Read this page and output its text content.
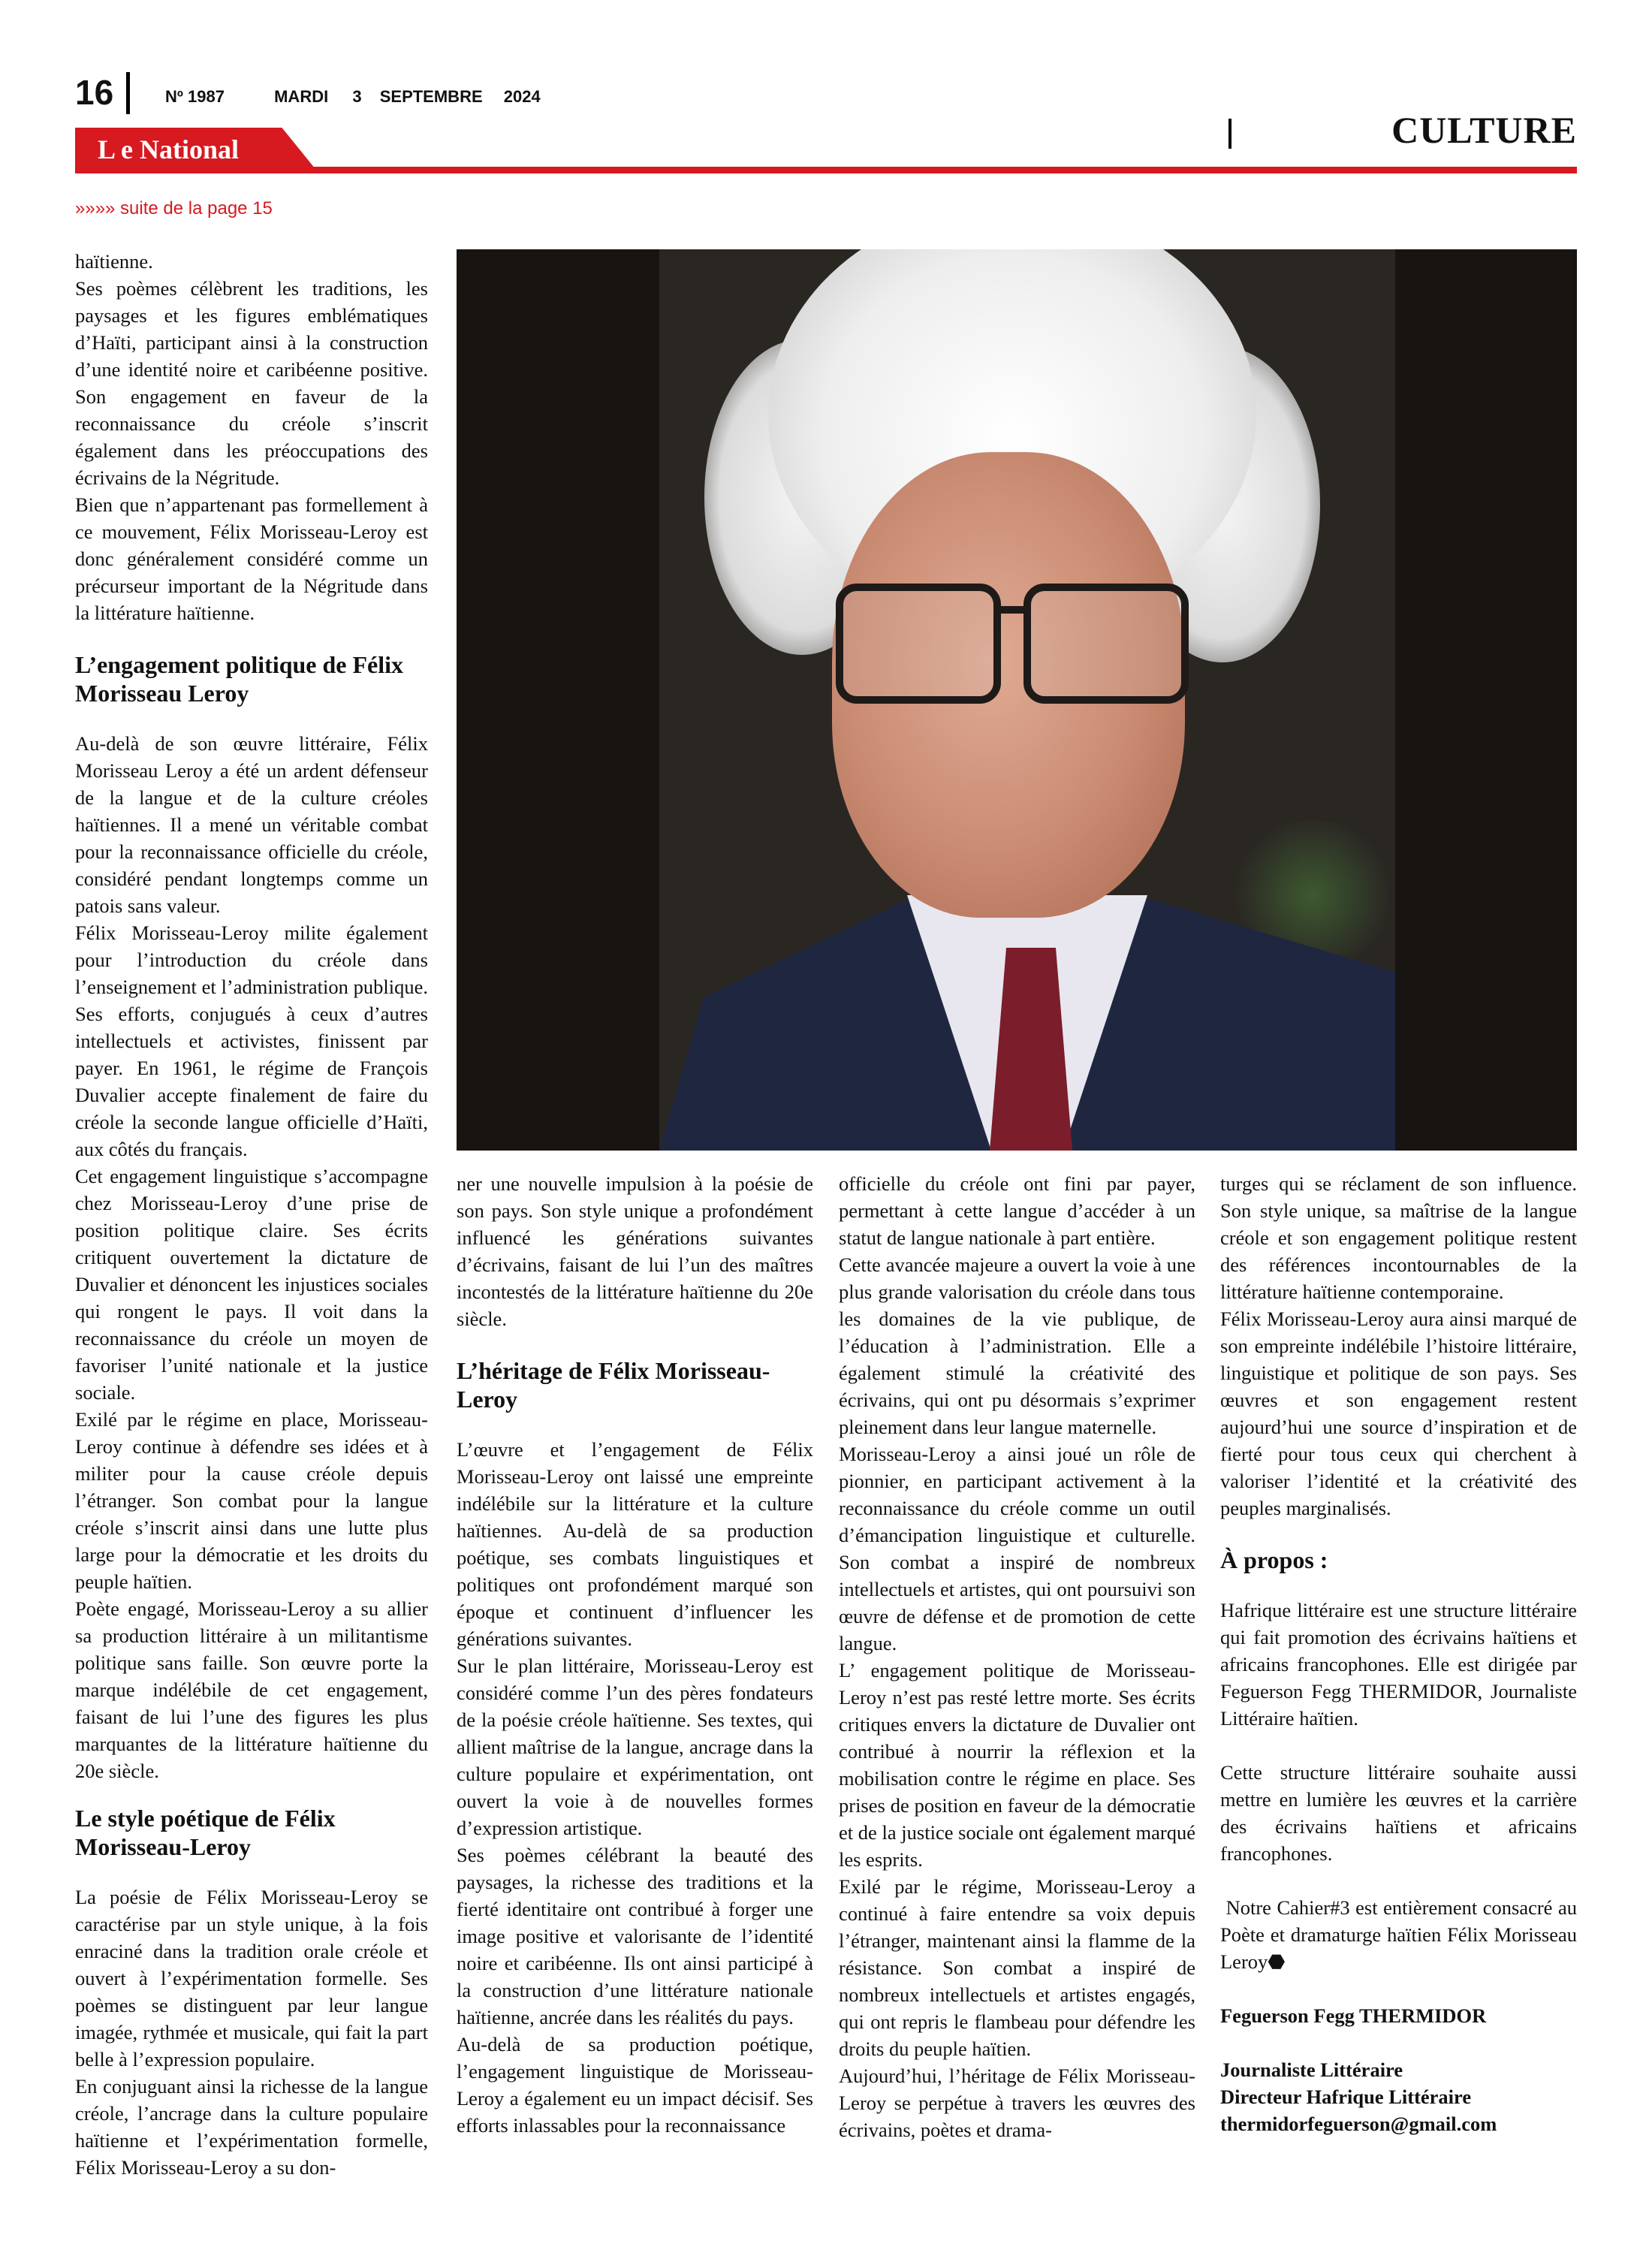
16	Nº 1987	MARDI 3 SEPTEMBRE 2024
L e National	CULTURE
»»»» suite de la page 15

haïtienne.

Ses poèmes célèbrent les traditions, les paysages et les figures emblématiques d’Haïti, participant ainsi à la construction d’une identité noire et caribéenne positive. Son engagement en faveur de la reconnaissance du créole s’inscrit également dans les préoccupations des écrivains de la Négritude.

Bien que n’appartenant pas formellement à ce mouvement, Félix Morisseau-Leroy est donc généralement considéré comme un précurseur important de la Négritude dans la littérature haïtienne.

L’engagement politique de Félix Morisseau Leroy

Au-delà de son œuvre littéraire, Félix Morisseau Leroy a été un ardent défenseur de la langue et de la culture créoles haïtiennes. Il a mené un véritable combat pour la reconnaissance officielle du créole, considéré pendant longtemps comme un patois sans valeur.

Félix Morisseau-Leroy milite également pour l’introduction du créole dans l’enseignement et l’administration publique. Ses efforts, conjugués à ceux d’autres intellectuels et activistes, finissent par payer. En 1961, le régime de François Duvalier accepte finalement de faire du créole la seconde langue officielle d’Haïti, aux côtés du français.

Cet engagement linguistique s’accompagne chez Morisseau-Leroy d’une prise de position politique claire. Ses écrits critiquent ouvertement la dictature de Duvalier et dénoncent les injustices sociales qui rongent le pays. Il voit dans la reconnaissance du créole un moyen de favoriser l’unité nationale et la justice sociale.

Exilé par le régime en place, Morisseau-Leroy continue à défendre ses idées et à militer pour la cause créole depuis l’étranger. Son combat pour la langue créole s’inscrit ainsi dans une lutte plus large pour la démocratie et les droits du peuple haïtien.

Poète engagé, Morisseau-Leroy a su allier sa production littéraire à un militantisme politique sans faille. Son œuvre porte la marque indélébile de cet engagement, faisant de lui l’une des figures les plus marquantes de la littérature haïtienne du 20e siècle.

Le style poétique de Félix Morisseau-Leroy

La poésie de Félix Morisseau-Leroy se caractérise par un style unique, à la fois enraciné dans la tradition orale créole et ouvert à l’expérimentation formelle. Ses poèmes se distinguent par leur langue imagée, rythmée et musicale, qui fait la part belle à l’expression populaire.

En conjuguant ainsi la richesse de la langue créole, l’ancrage dans la culture populaire haïtienne et l’expérimentation formelle, Félix Morisseau-Leroy a su don-

ner une nouvelle impulsion à la poésie de son pays. Son style unique a profondément influencé les générations suivantes d’écrivains, faisant de lui l’un des maîtres incontestés de la littérature haïtienne du 20e siècle.

L’héritage de Félix Morisseau-Leroy

L’œuvre et l’engagement de Félix Morisseau-Leroy ont laissé une empreinte indélébile sur la littérature et la culture haïtiennes. Au-delà de sa production poétique, ses combats linguistiques et politiques ont profondément marqué son époque et continuent d’influencer les générations suivantes.

Sur le plan littéraire, Morisseau-Leroy est considéré comme l’un des pères fondateurs de la poésie créole haïtienne. Ses textes, qui allient maîtrise de la langue, ancrage dans la culture populaire et expérimentation, ont ouvert la voie à de nouvelles formes d’expression artistique.

Ses poèmes célébrant la beauté des paysages, la richesse des traditions et la fierté identitaire ont contribué à forger une image positive et valorisante de l’identité noire et caribéenne. Ils ont ainsi participé à la construction d’une littérature nationale haïtienne, ancrée dans les réalités du pays.

Au-delà de sa production poétique, l’engagement linguistique de Morisseau-Leroy a également eu un impact décisif. Ses efforts inlassables pour la reconnaissance

officielle du créole ont fini par payer, permettant à cette langue d’accéder à un statut de langue nationale à part entière.

Cette avancée majeure a ouvert la voie à une plus grande valorisation du créole dans tous les domaines de la vie publique, de l’éducation à l’administration. Elle a également stimulé la créativité des écrivains, qui ont pu désormais s’exprimer pleinement dans leur langue maternelle.

Morisseau-Leroy a ainsi joué un rôle de pionnier, en participant activement à la reconnaissance du créole comme un outil d’émancipation linguistique et culturelle. Son combat a inspiré de nombreux intellectuels et artistes, qui ont poursuivi son œuvre de défense et de promotion de cette langue.

L’ engagement politique de Morisseau-Leroy n’est pas resté lettre morte. Ses écrits critiques envers la dictature de Duvalier ont contribué à nourrir la réflexion et la mobilisation contre le régime en place. Ses prises de position en faveur de la démocratie et de la justice sociale ont également marqué les esprits.

Exilé par le régime, Morisseau-Leroy a continué à faire entendre sa voix depuis l’étranger, maintenant ainsi la flamme de la résistance. Son combat a inspiré de nombreux intellectuels et artistes engagés, qui ont repris le flambeau pour défendre les droits du peuple haïtien.

Aujourd’hui, l’héritage de Félix Morisseau-Leroy se perpétue à travers les œuvres des écrivains, poètes et drama-

turges qui se réclament de son influence. Son style unique, sa maîtrise de la langue créole et son engagement politique restent des références incontournables de la littérature haïtienne contemporaine.

Félix Morisseau-Leroy aura ainsi marqué de son empreinte indélébile l’histoire littéraire, linguistique et politique de son pays. Ses œuvres et son engagement restent aujourd’hui une source d’inspiration et de fierté pour tous ceux qui cherchent à valoriser l’identité et la créativité des peuples marginalisés.

À propos :

Hafrique littéraire est une structure littéraire qui fait promotion des écrivains haïtiens et africains francophones. Elle est dirigée par Feguerson Fegg THERMIDOR, Journaliste Littéraire haïtien.

Cette structure littéraire souhaite aussi mettre en lumière les œuvres et la carrière des écrivains haïtiens et africains francophones.

Notre Cahier#3 est entièrement consacré au Poète et dramaturge haïtien Félix Morisseau Leroy⬣

Feguerson Fegg THERMIDOR

Journaliste Littéraire

Directeur Hafrique Littéraire

thermidorfeguerson@gmail.com
